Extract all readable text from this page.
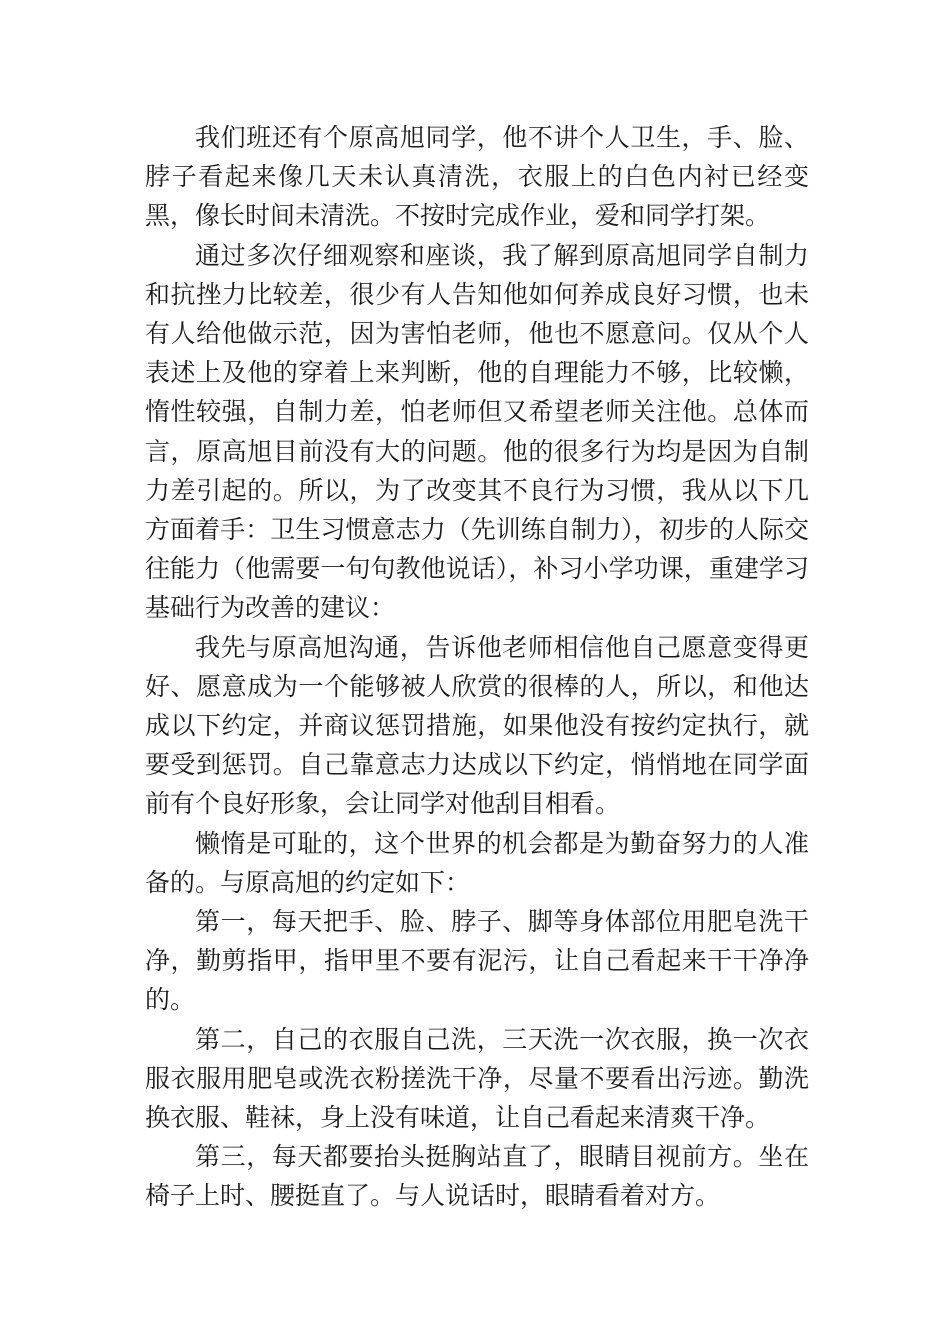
我们班还有个原高旭同学，他不讲个人卫生，手、脸、脖子看起来像几天未认真清洗，衣服上的白色内衬已经变黑，像长时间未清洗。不按时完成作业，爱和同学打架。

通过多次仔细观察和座谈，我了解到原高旭同学自制力和抗挫力比较差，很少有人告知他如何养成良好习惯，也未有人给他做示范，因为害怕老师，他也不愿意问。仅从个人表述上及他的穿着上来判断，他的自理能力不够，比较懒，惰性较强，自制力差，怕老师但又希望老师关注他。总体而言，原高旭目前没有大的问题。他的很多行为均是因为自制力差引起的。所以，为了改变其不良行为习惯，我从以下几方面着手：卫生习惯意志力（先训练自制力），初步的人际交往能力（他需要一句句教他说话），补习小学功课，重建学习基础行为改善的建议：

我先与原高旭沟通，告诉他老师相信他自己愿意变得更好、愿意成为一个能够被人欣赏的很棒的人，所以，和他达成以下约定，并商议惩罚措施，如果他没有按约定执行，就要受到惩罚。自己靠意志力达成以下约定，悄悄地在同学面前有个良好形象，会让同学对他刮目相看。

懒惰是可耻的，这个世界的机会都是为勤奋努力的人准备的。与原高旭的约定如下：

第一，每天把手、脸、脖子、脚等身体部位用肥皂洗干净，勤剪指甲，指甲里不要有泥污，让自己看起来干干净净的。

第二，自己的衣服自己洗，三天洗一次衣服，换一次衣服衣服用肥皂或洗衣粉搓洗干净，尽量不要看出污迹。勤洗换衣服、鞋袜，身上没有味道，让自己看起来清爽干净。

第三，每天都要抬头挺胸站直了，眼睛目视前方。坐在椅子上时、腰挺直了。与人说话时，眼睛看着对方。
